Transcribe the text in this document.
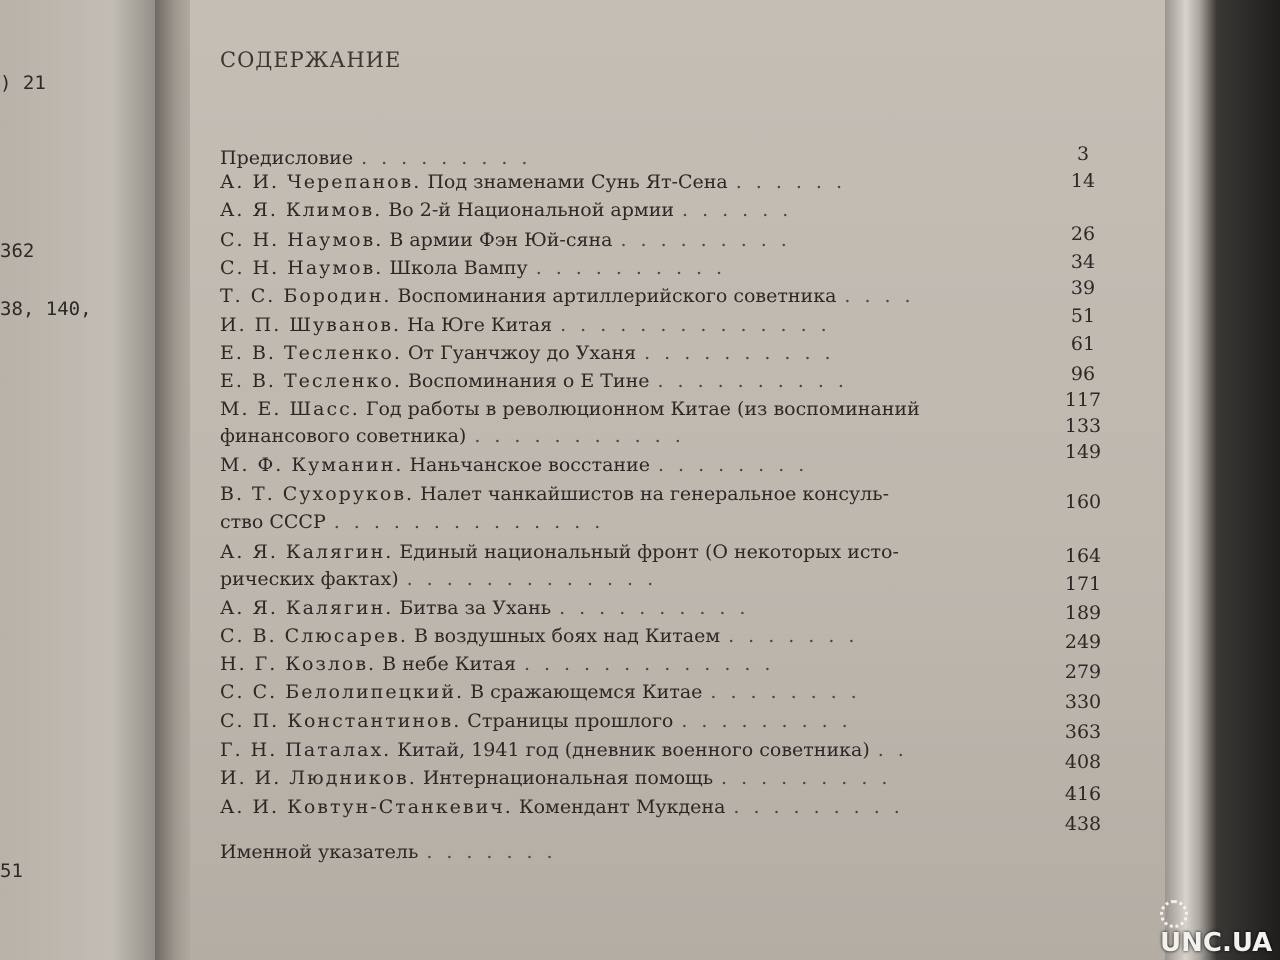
) 21
362
38, 140,
51
СОДЕРЖАНИЕ
Предисловие .........
А. И. Черепанов. Под знаменами Сунь Ят-Сена ......
А. Я. Климов. Во 2-й Национальной армии ......
С. Н. Наумов. В армии Фэн Юй-сяна .........
С. Н. Наумов. Школа Вампу ..........
Т. С. Бородин. Воспоминания артиллерийского советника ....
И. П. Шуванов. На Юге Китая ..............
Е. В. Тесленко. От Гуанчжоу до Уханя ..........
Е. В. Тесленко. Воспоминания о Е Тине ..........
М. Е. Шасс. Год работы в революционном Китае (из воспоминаний
финансового советника) ...........
М. Ф. Куманин. Наньчанское восстание ........
В. Т. Сухоруков. Налет чанкайшистов на генеральное консуль-
ство СССР ..............
А. Я. Калягин. Единый национальный фронт (О некоторых исто-
рических фактах) .............
А. Я. Калягин. Битва за Ухань ..........
С. В. Слюсарев. В воздушных боях над Китаем .......
Н. Г. Козлов. В небе Китая .............
С. С. Белолипецкий. В сражающемся Китае ........
С. П. Константинов. Страницы прошлого .........
Г. Н. Паталах. Китай, 1941 год (дневник военного советника) ..
И. И. Людников. Интернациональная помощь .........
А. И. Ковтун-Станкевич. Комендант Мукдена .........
Именной указатель .......
3
14
26
34
39
51
61
96
117
133
149
160
164
171
189
249
279
330
363
408
416
438
UNC.UA
